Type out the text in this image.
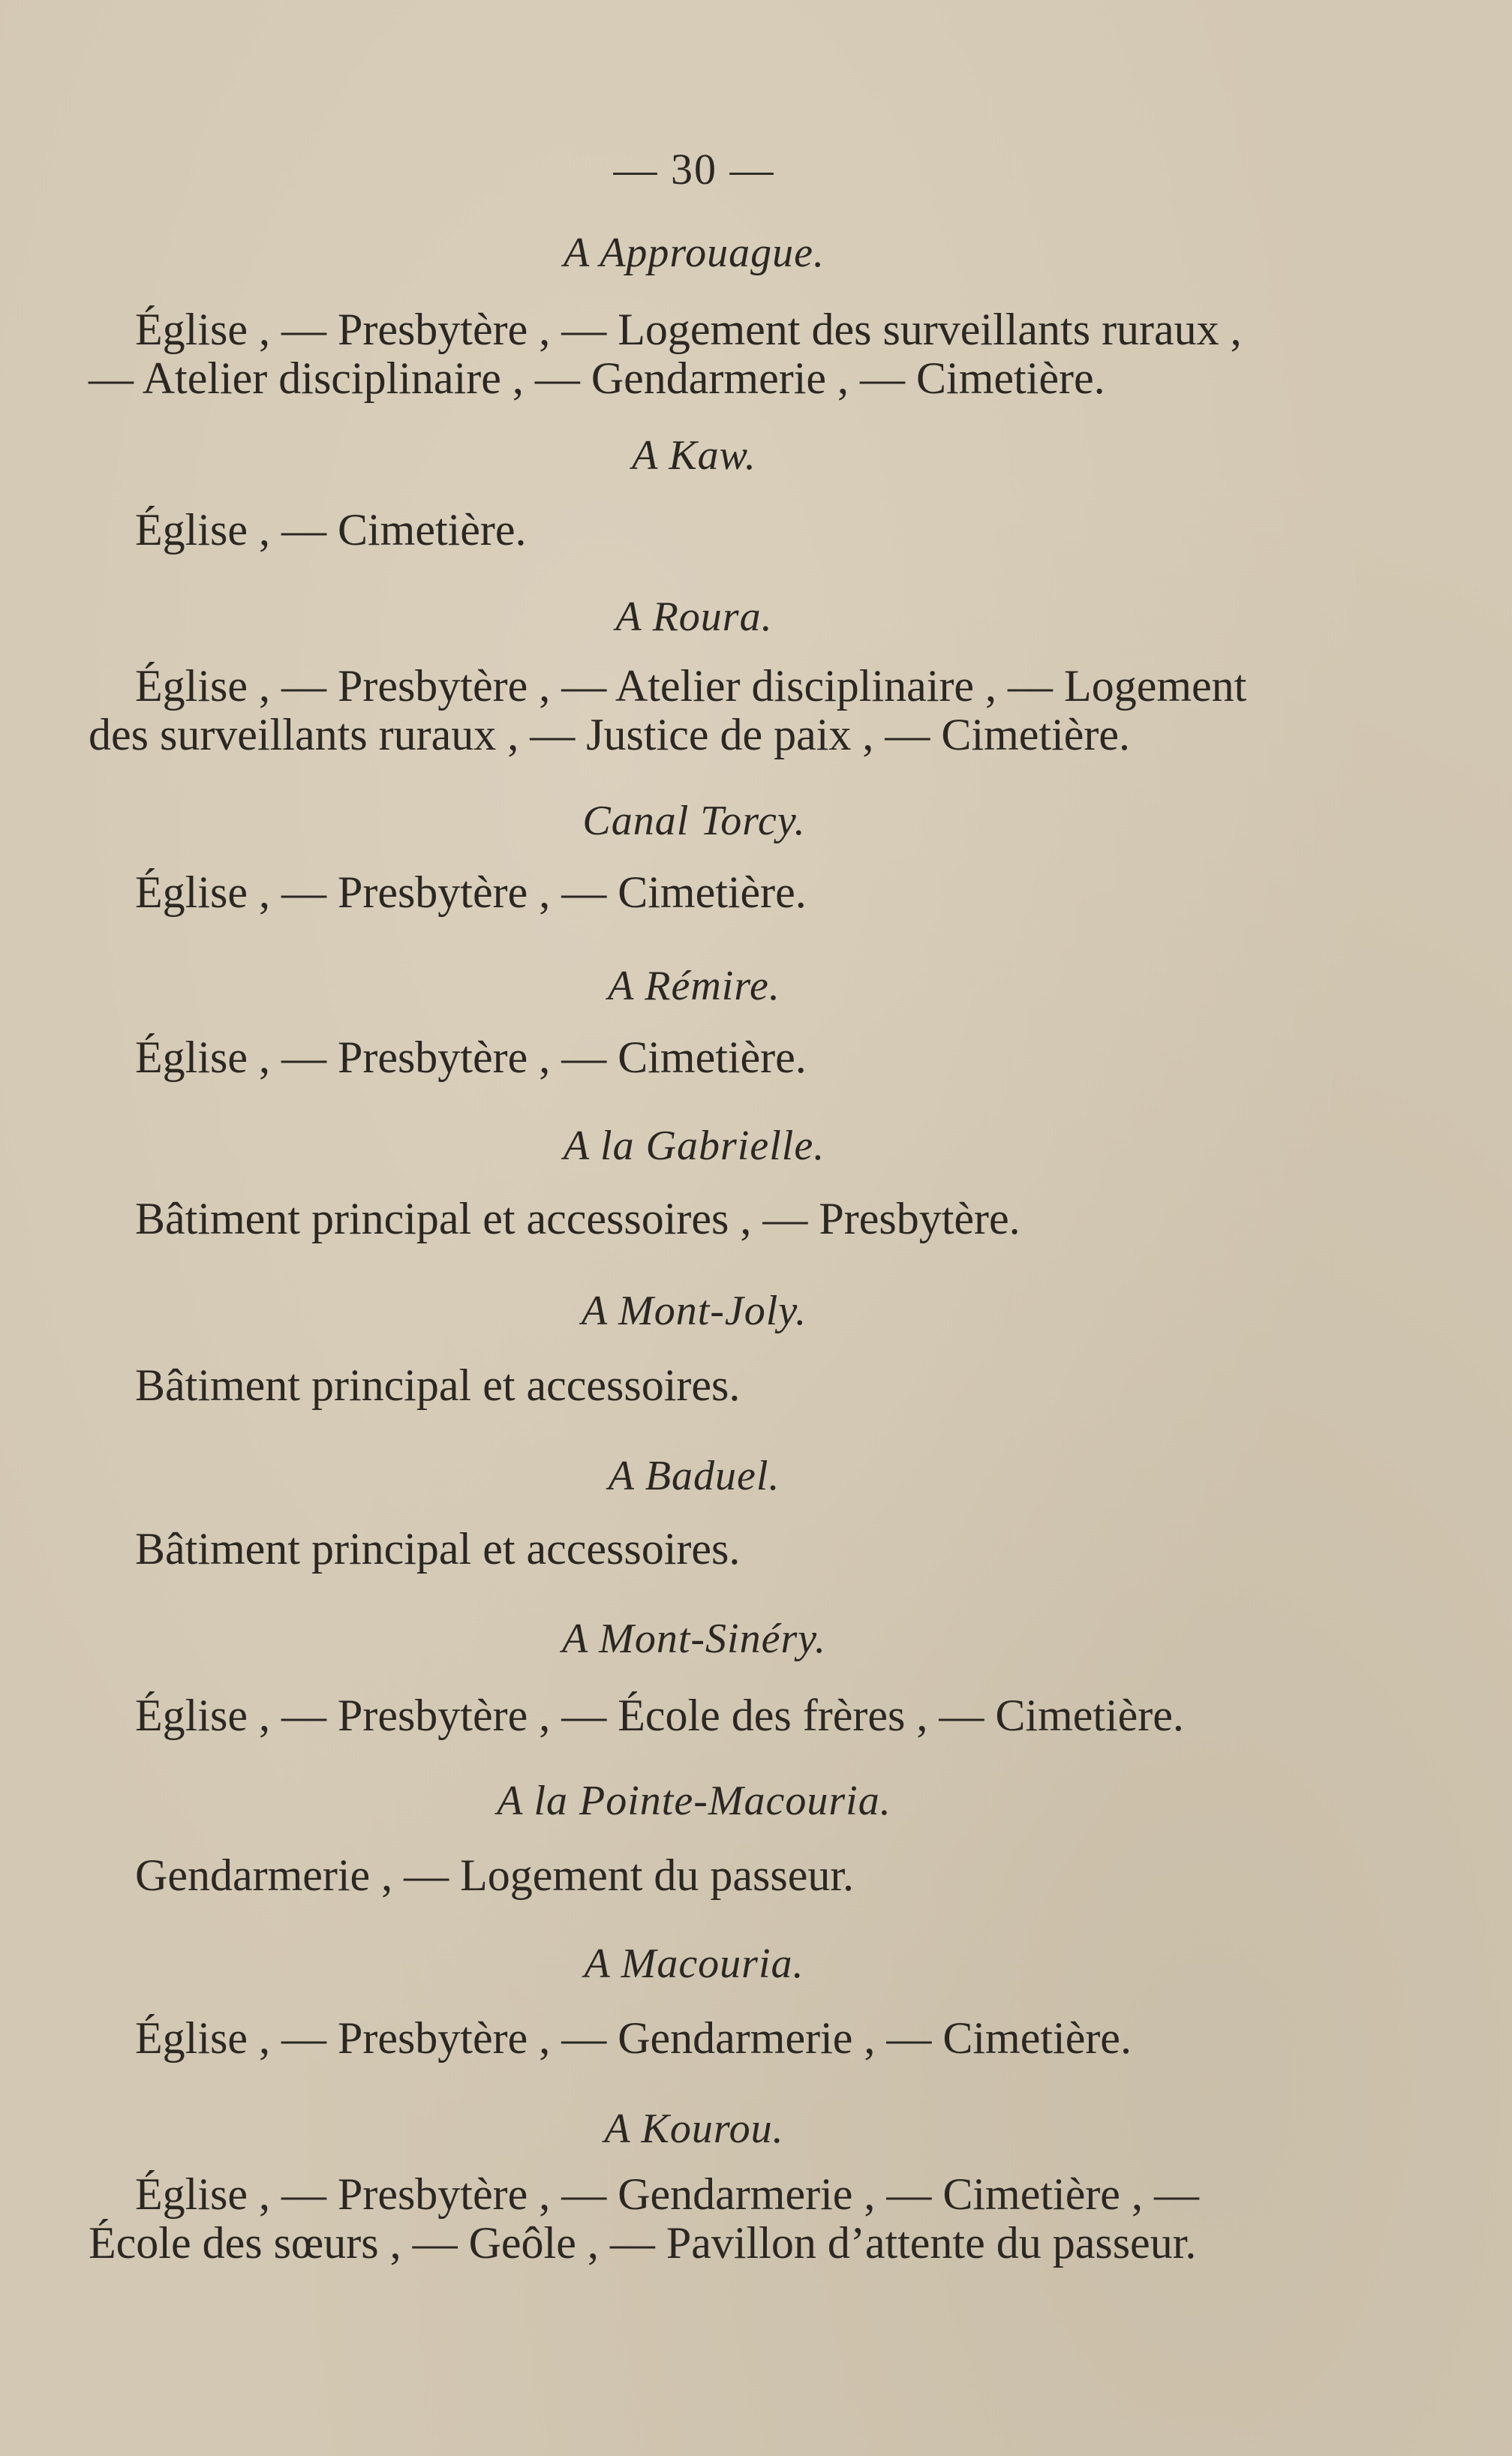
— 30 —
A Approuague.
Église , — Presbytère , — Logement des surveillants ruraux ,
— Atelier disciplinaire , — Gendarmerie , — Cimetière.
A Kaw.
Église , — Cimetière.
A Roura.
Église , — Presbytère , — Atelier disciplinaire , — Logement
des surveillants ruraux , — Justice de paix , — Cimetière.
Canal Torcy.
Église , — Presbytère , — Cimetière.
A Rémire.
Église , — Presbytère , — Cimetière.
A la Gabrielle.
Bâtiment principal et accessoires , — Presbytère.
A Mont-Joly.
Bâtiment principal et accessoires.
A Baduel.
Bâtiment principal et accessoires.
A Mont-Sinéry.
Église , — Presbytère , — École des frères , — Cimetière.
A la Pointe-Macouria.
Gendarmerie , — Logement du passeur.
A Macouria.
Église , — Presbytère , — Gendarmerie , — Cimetière.
A Kourou.
Église , — Presbytère , — Gendarmerie , — Cimetière , —
École des sœurs , — Geôle , — Pavillon d’attente du passeur.
